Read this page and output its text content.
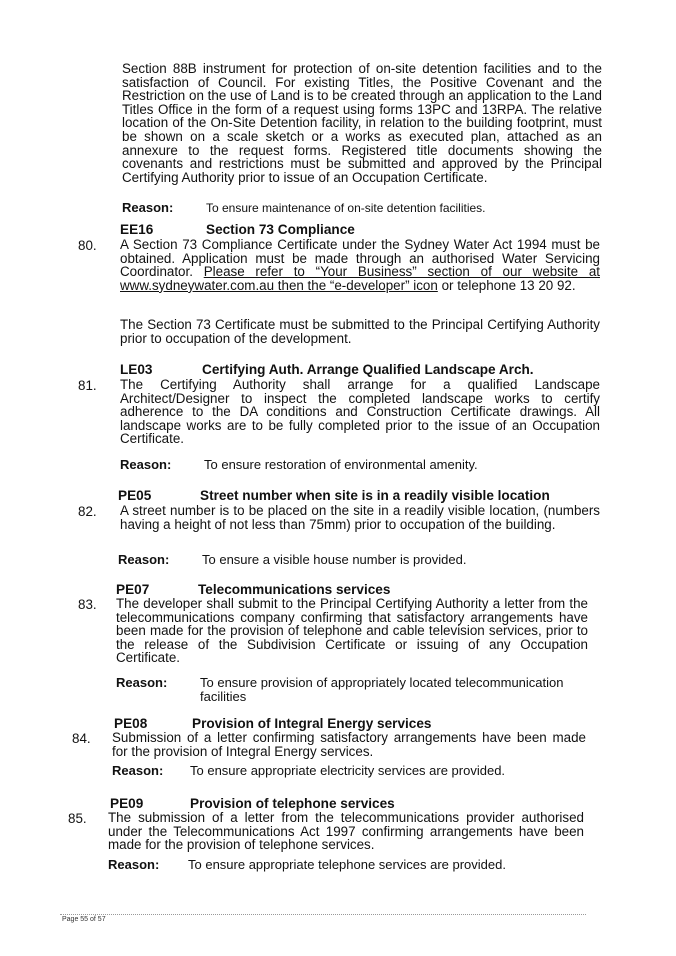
Section 88B instrument for protection of on-site detention facilities and to the satisfaction of Council. For existing Titles, the Positive Covenant and the Restriction on the use of Land is to be created through an application to the Land Titles Office in the form of a request using forms 13PC and 13RPA. The relative location of the On-Site Detention facility, in relation to the building footprint, must be shown on a scale sketch or a works as executed plan, attached as an annexure to the request forms. Registered title documents showing the covenants and restrictions must be submitted and approved by the Principal Certifying Authority prior to issue of an Occupation Certificate.

Reason:	To ensure maintenance of on-site detention facilities.
EE16	Section 73 Compliance
80. A Section 73 Compliance Certificate under the Sydney Water Act 1994 must be obtained. Application must be made through an authorised Water Servicing Coordinator. Please refer to “Your Business” section of our website at www.sydneywater.com.au then the “e-developer” icon or telephone 13 20 92.

The Section 73 Certificate must be submitted to the Principal Certifying Authority prior to occupation of the development.

LE03	Certifying Auth. Arrange Qualified Landscape Arch.
81. The Certifying Authority shall arrange for a qualified Landscape Architect/Designer to inspect the completed landscape works to certify adherence to the DA conditions and Construction Certificate drawings. All landscape works are to be fully completed prior to the issue of an Occupation Certificate.

Reason:	To ensure restoration of environmental amenity.
PE05	Street number when site is in a readily visible location
82. A street number is to be placed on the site in a readily visible location, (numbers having a height of not less than 75mm) prior to occupation of the building.

Reason:	To ensure a visible house number is provided.
PE07	Telecommunications services
83. The developer shall submit to the Principal Certifying Authority a letter from the telecommunications company confirming that satisfactory arrangements have been made for the provision of telephone and cable television services, prior to the release of the Subdivision Certificate or issuing of any Occupation Certificate.

Reason:	To ensure provision of appropriately located telecommunication facilities
PE08	Provision of Integral Energy services
84. Submission of a letter confirming satisfactory arrangements have been made for the provision of Integral Energy services.

Reason: To ensure appropriate electricity services are provided.
PE09	Provision of telephone services
85. The submission of a letter from the telecommunications provider authorised under the Telecommunications Act 1997 confirming arrangements have been made for the provision of telephone services.

Reason: To ensure appropriate telephone services are provided.
Page 55 of 57
